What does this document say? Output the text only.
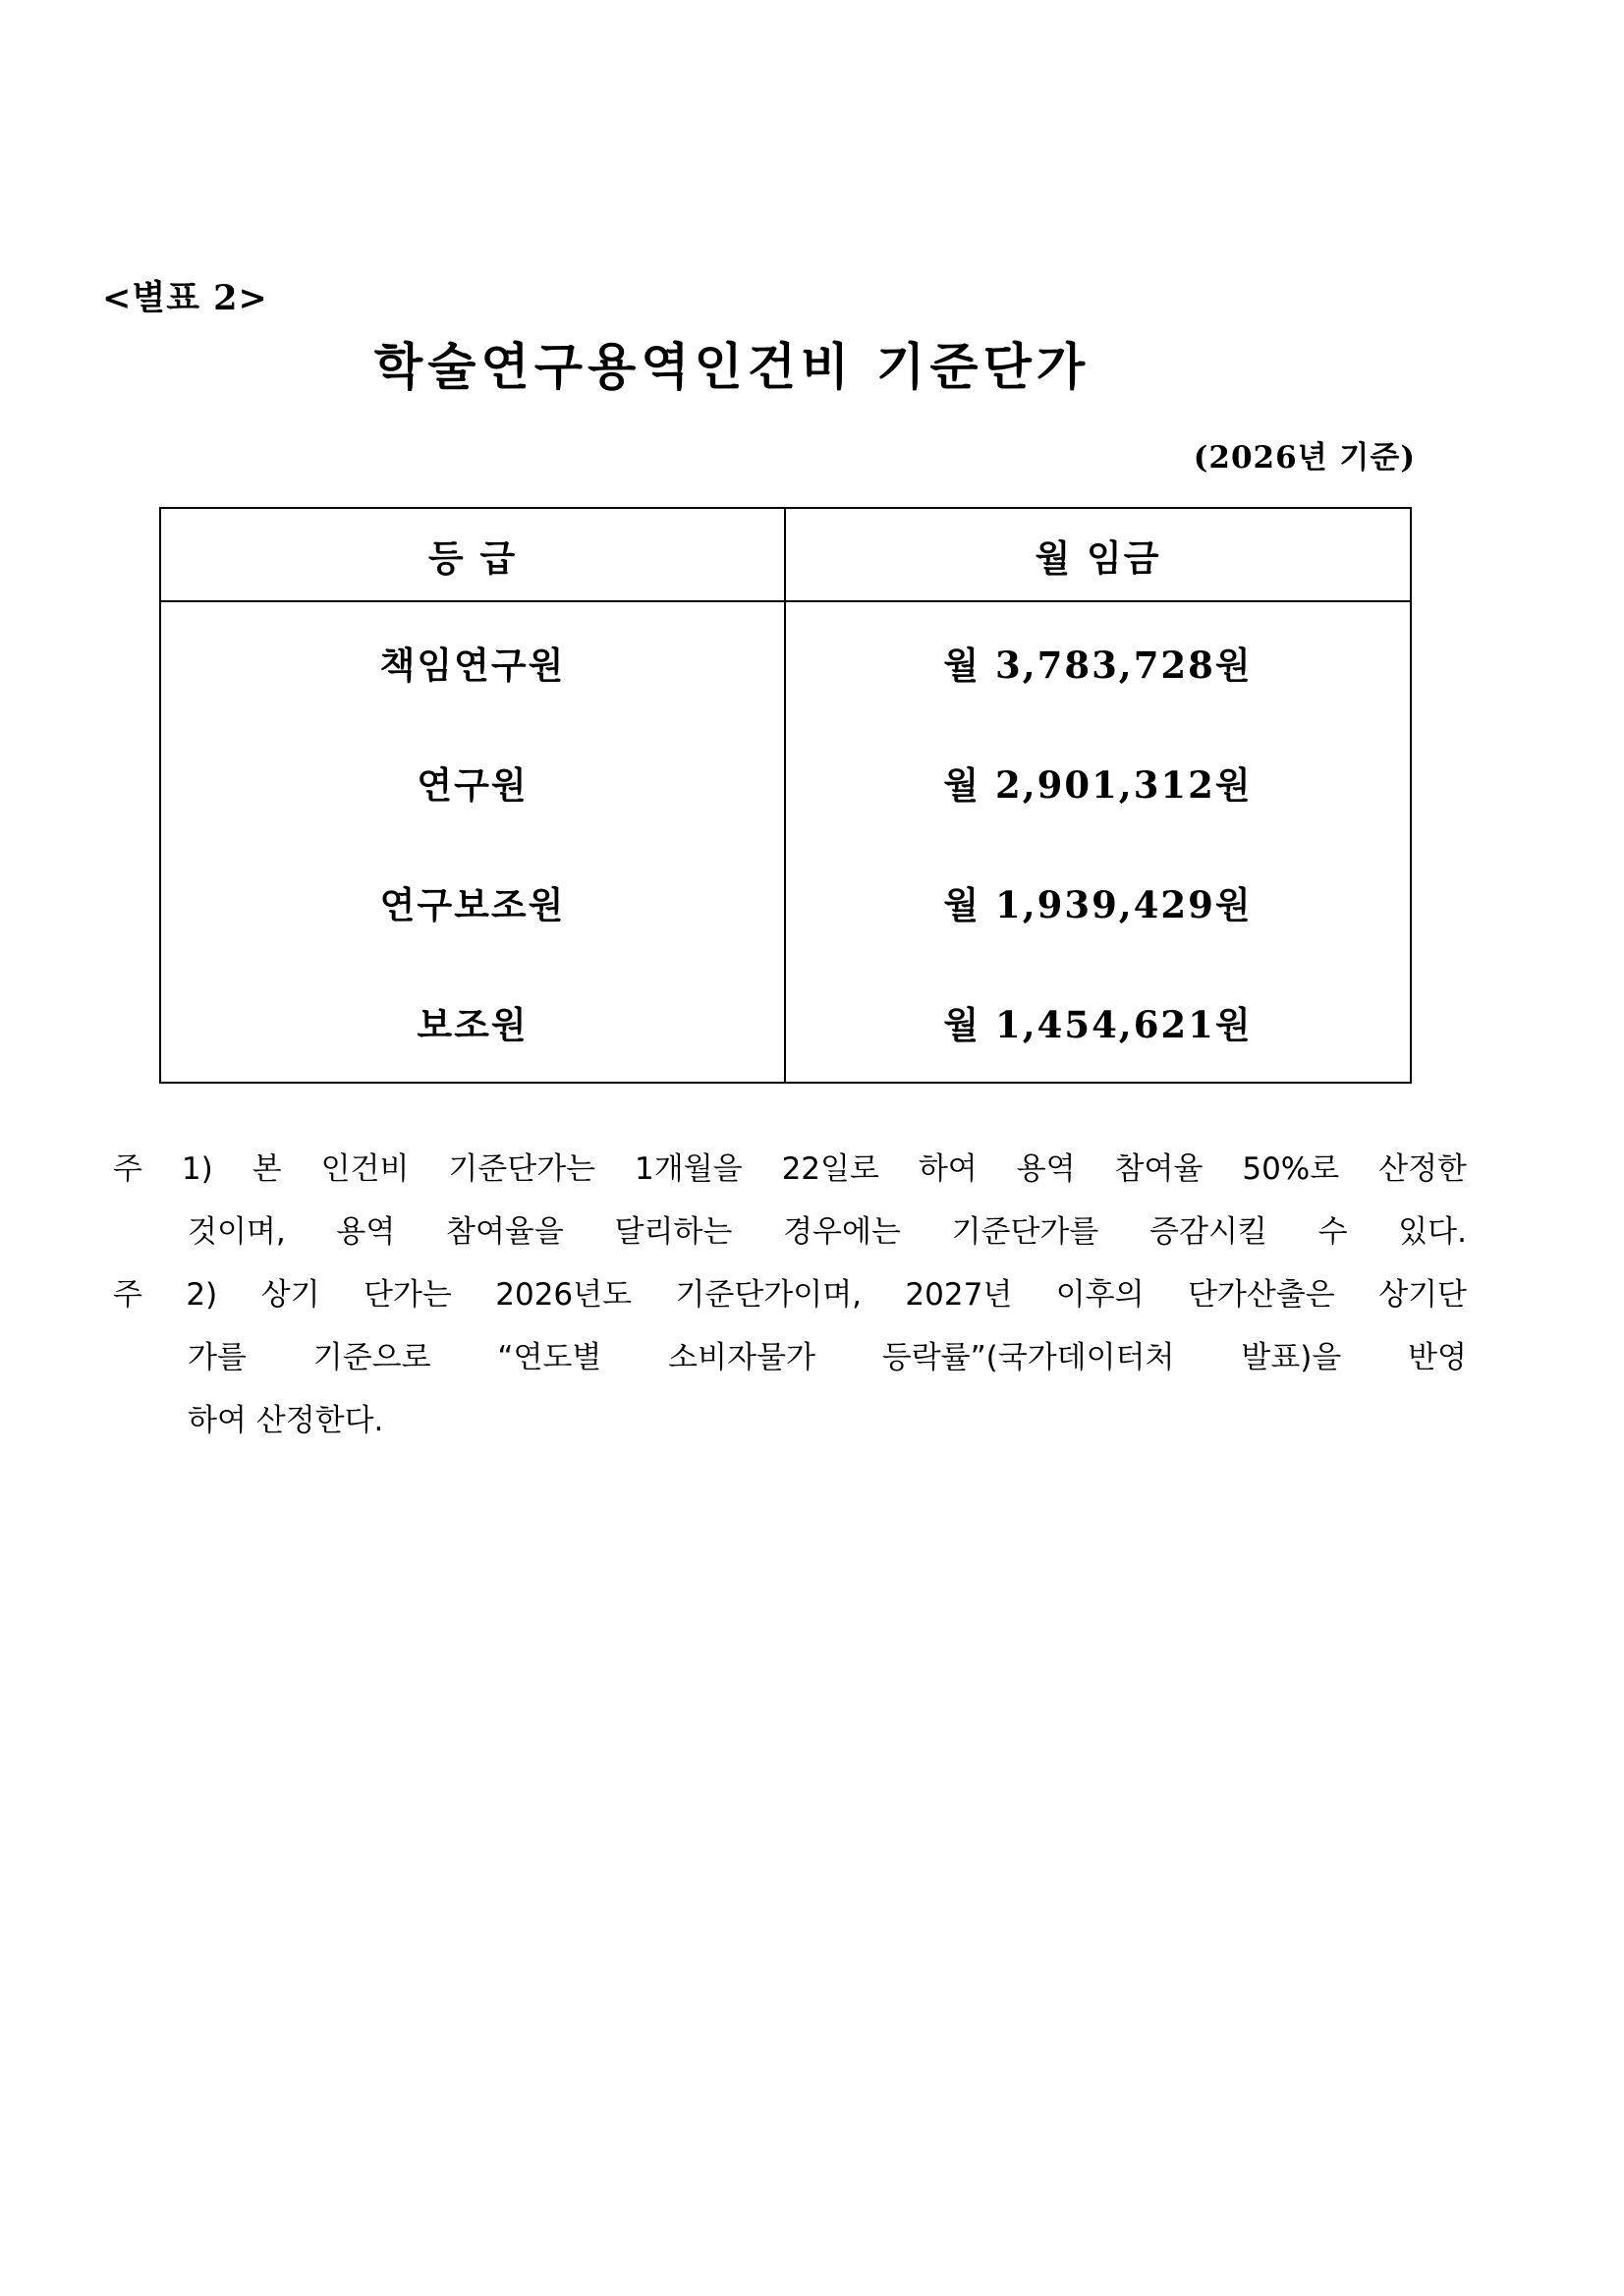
<별표 2>
학술연구용역인건비 기준단가
(2026년 기준)
등 급	월 임금
책임연구원	월 3,783,728원
연구원	월 2,901,312원
연구보조원	월 1,939,429원
보조원	월 1,454,621원
주 1) 본 인건비 기준단가는 1개월을 22일로 하여 용역 참여율 50%로 산정한
것이며, 용역 참여율을 달리하는 경우에는 기준단가를 증감시킬 수 있다.
주 2) 상기 단가는 2026년도 기준단가이며, 2027년 이후의 단가산출은 상기단
가를 기준으로 “연도별 소비자물가 등락률”(국가데이터처 발표)을 반영
하여 산정한다.
